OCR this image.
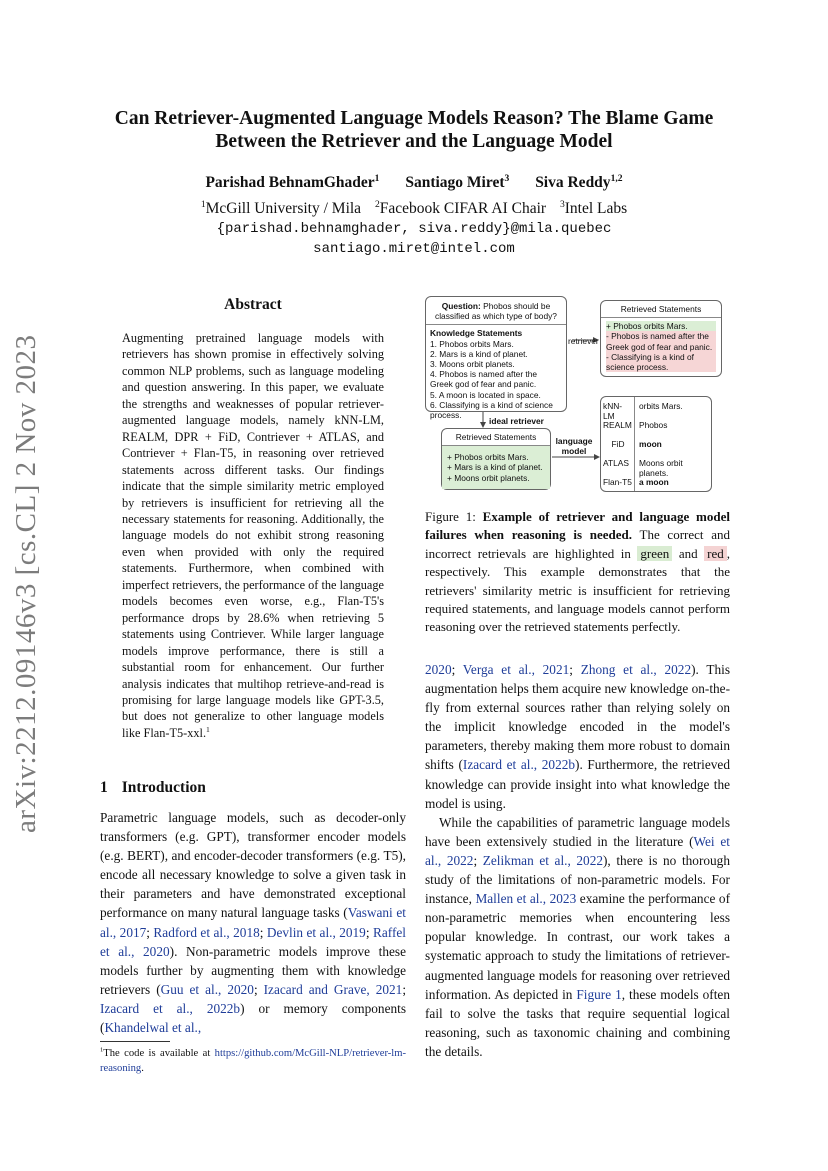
arXiv:2212.09146v3 [cs.CL] 2 Nov 2023
Can Retriever-Augmented Language Models Reason? The Blame Game
Between the Retriever and the Language Model
Parishad BehnamGhader$^1$ Santiago Miret$^3$ Siva Reddy$^{1,2}$
$^1$McGill University / Mila $^2$Facebook CIFAR AI Chair $^3$Intel Labs
{parishad.behnamghader, siva.reddy}@mila.quebec
santiago.miret@intel.com
Abstract

Augmenting pretrained language models with retrievers has shown promise in effectively solving common NLP problems, such as language modeling and question answering. In this paper, we evaluate the strengths and weaknesses of popular retriever-augmented language models, namely kNN-LM, REALM, DPR + FiD, Contriever + ATLAS, and Contriever + Flan-T5, in reasoning over retrieved statements across different tasks. Our findings indicate that the simple similarity metric employed by retrievers is insufficient for retrieving all the necessary statements for reasoning. Additionally, the language models do not exhibit strong reasoning even when provided with only the required statements. Furthermore, when combined with imperfect retrievers, the performance of the language models becomes even worse, e.g., Flan-T5's performance drops by 28.6% when retrieving 5 statements using Contriever. While larger language models improve performance, there is still a substantial room for enhancement. Our further analysis indicates that multihop retrieve-and-read is promising for large language models like GPT-3.5, but does not generalize to other language models like Flan-T5-xxl.$^1$

1 Introduction

Parametric language models, such as decoder-only transformers (e.g. GPT), transformer encoder models (e.g. BERT), and encoder-decoder transformers (e.g. T5), encode all necessary knowledge to solve a given task in their parameters and have demonstrated exceptional performance on many natural language tasks (Vaswani et al., 2017; Radford et al., 2018; Devlin et al., 2019; Raffel et al., 2020). Non-parametric models improve these models further by augmenting them with knowledge retrievers (Guu et al., 2020; Izacard and Grave, 2021; Izacard et al., 2022b) or memory components (Khandelwal et al.,

$^1$The code is available at https://github.com/McGill-NLP/retriever-lm-reasoning.
Question: Phobos should be classified as which type of body?
Knowledge Statements
1. Phobos orbits Mars.
2. Mars is a kind of planet.
3. Moons orbit planets.
4. Phobos is named after the Greek god of fear and panic.
5. A moon is located in space.
6. Classifying is a kind of science process.
retriever
ideal retriever
language model
Retrieved Statements
+ Phobos orbits Mars.
- Phobos is named after the Greek god of fear and panic.
- Classifying is a kind of science process.
Retrieved Statements
+ Phobos orbits Mars.
+ Mars is a kind of planet.
+ Moons orbit planets.
kNN-LM
orbits Mars.
REALM Phobos
FiD	moon
ATLAS	Moons orbit planets.
Flan-T5 a moon
Figure 1: Example of retriever and language model failures when reasoning is needed. The correct and incorrect retrievals are highlighted in green and red , respectively. This example demonstrates that the retrievers' similarity metric is insufficient for retrieving required statements, and language models cannot perform reasoning over the retrieved statements perfectly.

2020; Verga et al., 2021; Zhong et al., 2022). This augmentation helps them acquire new knowledge on-the-fly from external sources rather than relying solely on the implicit knowledge encoded in the model's parameters, thereby making them more robust to domain shifts (Izacard et al., 2022b). Furthermore, the retrieved knowledge can provide insight into what knowledge the model is using.

While the capabilities of parametric language models have been extensively studied in the literature (Wei et al., 2022; Zelikman et al., 2022), there is no thorough study of the limitations of non-parametric models. For instance, Mallen et al., 2023 examine the performance of non-parametric memories when encountering less popular knowledge. In contrast, our work takes a systematic approach to study the limitations of retriever-augmented language models for reasoning over retrieved information. As depicted in Figure 1, these models often fail to solve the tasks that require sequential logical reasoning, such as taxonomic chaining and combining the details.
